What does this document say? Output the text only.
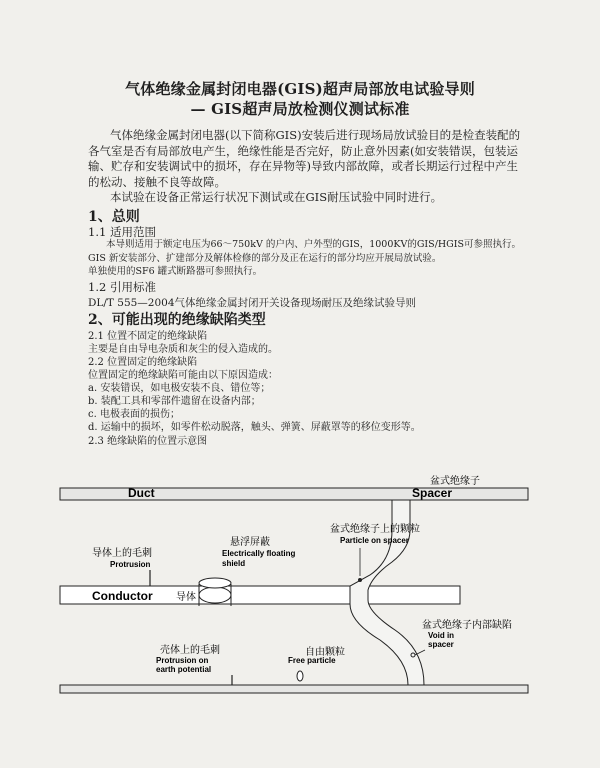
气体绝缘金属封闭电器(GIS)超声局部放电试验导则
— GIS超声局放检测仪测试标准
气体绝缘金属封闭电器(以下简称GIS)安装后进行现场局放试验目的是检查装配的各气室是否有局部放电产生，绝缘性能是否完好，防止意外因素(如安装错误，包装运输、贮存和安装调试中的损坏，存在异物等)导致内部故障，或者长期运行过程中产生的松动、接触不良等故障。
本试验在设备正常运行状况下测试或在GIS耐压试验中同时进行。
1、总则
1.1 适用范围
本导则适用于额定电压为66～750kV 的户内、户外型的GIS，1000KV的GIS/HGIS可参照执行。GIS 新安装部分、扩建部分及解体检修的部分及正在运行的部分均应开展局放试验。
单独使用的SF6 罐式断路器可参照执行。
1.2 引用标准
DL/T 555—2004气体绝缘金属封闭开关设备现场耐压及绝缘试验导则
2、可能出现的绝缘缺陷类型
2.1 位置不固定的绝缘缺陷
主要是自由导电杂质和灰尘的侵入造成的。
2.2 位置固定的绝缘缺陷
位置固定的绝缘缺陷可能由以下原因造成：
a. 安装错误，如电极安装不良、错位等；
b. 装配工具和零部件遗留在设备内部；
c. 电极表面的损伤；
d. 运输中的损坏，如零件松动脱落，触头、弹簧、屏蔽罩等的移位变形等。
2.3 绝缘缺陷的位置示意图
Duct	Spacer
盆式绝缘子
盆式绝缘子上的颗粒
Particle on spacer
悬浮屏蔽
Electrically floating
shield
导体上的毛刺
Protrusion
Conductor 导体
盆式绝缘子内部缺陷
Void in
spacer
自由颗粒
Free particle
壳体上的毛刺
Protrusion on
earth potential
